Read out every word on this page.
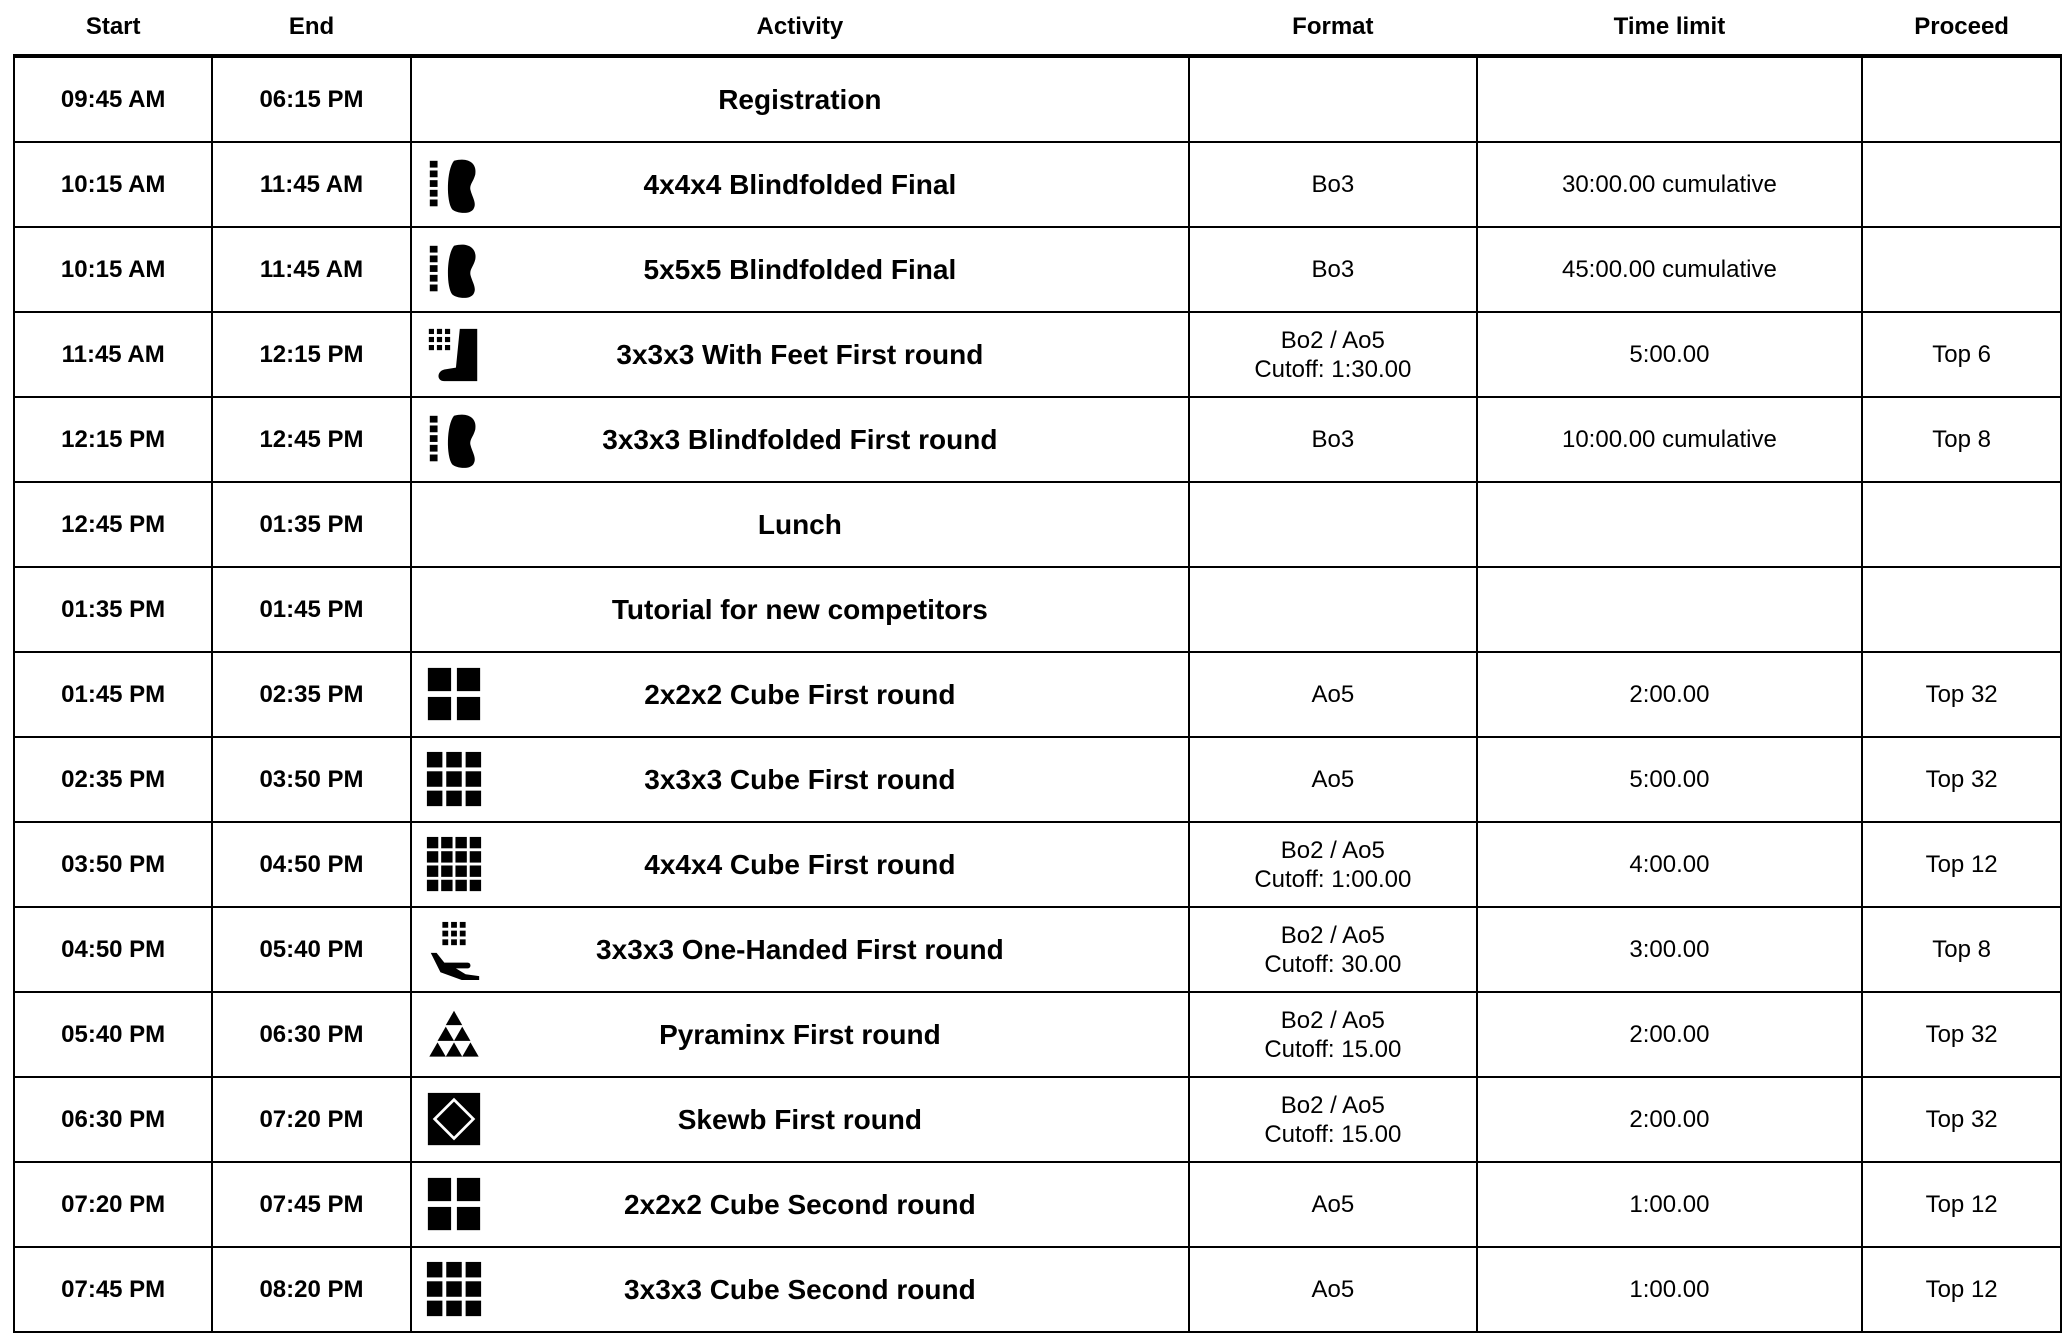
Start	End	Activity	Format	Time limit	Proceed
09:45 AM	06:15 PM	Registration			
10:15 AM	11:45 AM	4x4x4 Blindfolded Final	Bo3	30:00.00 cumulative	
10:15 AM	11:45 AM	5x5x5 Blindfolded Final	Bo3	45:00.00 cumulative	
11:45 AM	12:15 PM	3x3x3 With Feet First round	Bo2 / Ao5
Cutoff: 1:30.00	5:00.00	Top 6
12:15 PM	12:45 PM	3x3x3 Blindfolded First round	Bo3	10:00.00 cumulative	Top 8
12:45 PM	01:35 PM	Lunch			
01:35 PM	01:45 PM	Tutorial for new competitors			
01:45 PM	02:35 PM	2x2x2 Cube First round	Ao5	2:00.00	Top 32
02:35 PM	03:50 PM	3x3x3 Cube First round	Ao5	5:00.00	Top 32
03:50 PM	04:50 PM	4x4x4 Cube First round	Bo2 / Ao5
Cutoff: 1:00.00	4:00.00	Top 12
04:50 PM	05:40 PM	3x3x3 One-Handed First round	Bo2 / Ao5
Cutoff: 30.00	3:00.00	Top 8
05:40 PM	06:30 PM	Pyraminx First round	Bo2 / Ao5
Cutoff: 15.00	2:00.00	Top 32
06:30 PM	07:20 PM	Skewb First round	Bo2 / Ao5
Cutoff: 15.00	2:00.00	Top 32
07:20 PM	07:45 PM	2x2x2 Cube Second round	Ao5	1:00.00	Top 12
07:45 PM	08:20 PM	3x3x3 Cube Second round	Ao5	1:00.00	Top 12
